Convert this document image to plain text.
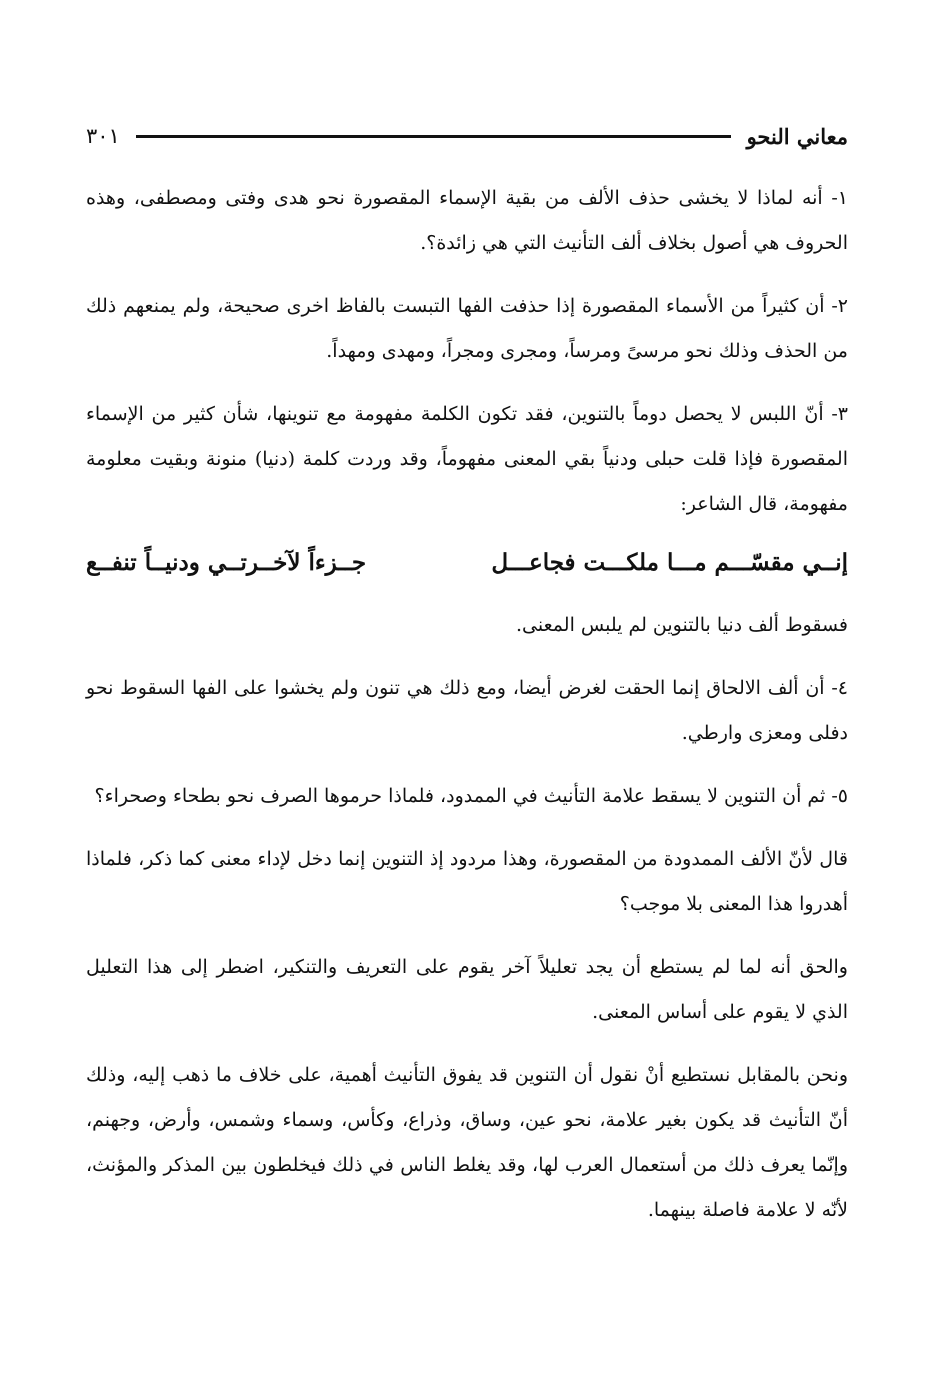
معاني النحو
٣٠١

١- أنه لماذا لا يخشى حذف الألف من بقية الإسماء المقصورة نحو هدى وفتى ومصطفى، وهذه الحروف هي أصول بخلاف ألف التأنيث التي هي زائدة؟.

٢- أن كثيراً من الأسماء المقصورة إذا حذفت الفها التبست بالفاظ اخرى صحيحة، ولم يمنعهم ذلك من الحذف وذلك نحو مرسىً ومرساً، ومجرى ومجراً، ومهدى ومهداً.

٣- أنّ اللبس لا يحصل دوماً بالتنوين، فقد تكون الكلمة مفهومة مع تنوينها، شأن كثير من الإسماء المقصورة فإذا قلت حبلى ودنياً بقي المعنى مفهوماً، وقد وردت كلمة (دنيا) منونة وبقيت معلومة مفهومة، قال الشاعر:

إنــي مقسّـــم مـــا ملكـــت فجاعـــل
جــزءاً لآخــرتــي ودنيــاً تنفــع

فسقوط ألف دنيا بالتنوين لم يلبس المعنى.

٤- أن ألف الالحاق إنما الحقت لغرض أيضا، ومع ذلك هي تنون ولم يخشوا على الفها السقوط نحو دفلى ومعزى وارطي.

٥- ثم أن التنوين لا يسقط علامة التأنيث في الممدود، فلماذا حرموها الصرف نحو بطحاء وصحراء؟

قال لأنّ الألف الممدودة من المقصورة، وهذا مردود إذ التنوين إنما دخل لإداء معنى كما ذكر، فلماذا أهدروا هذا المعنى بلا موجب؟

والحق أنه لما لم يستطع أن يجد تعليلاً آخر يقوم على التعريف والتنكير، اضطر إلى هذا التعليل الذي لا يقوم على أساس المعنى.

ونحن بالمقابل نستطيع أنْ نقول أن التنوين قد يفوق التأنيث أهمية، على خلاف ما ذهب إليه، وذلك أنّ التأنيث قد يكون بغير علامة، نحو عين، وساق، وذراع، وكأس، وسماء وشمس، وأرض، وجهنم، وإنّما يعرف ذلك من أستعمال العرب لها، وقد يغلط الناس في ذلك فيخلطون بين المذكر والمؤنث، لأنّه لا علامة فاصلة بينهما.
